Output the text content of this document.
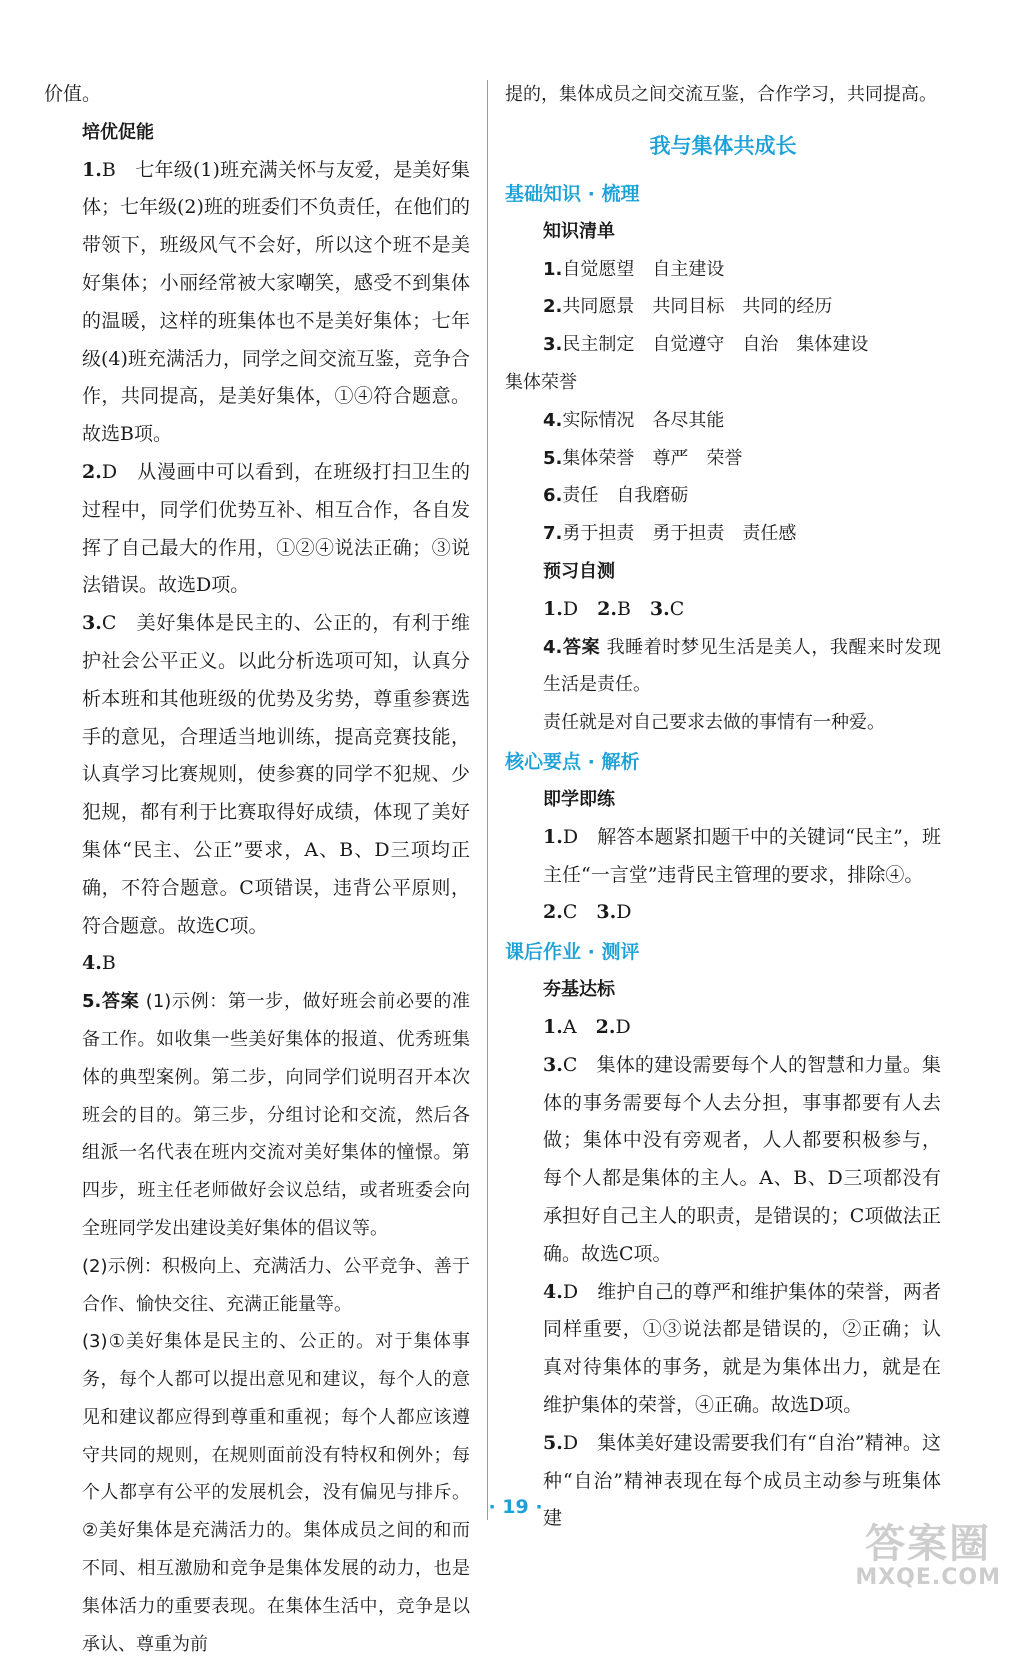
价值。

培优促能

1.B　七年级(1)班充满关怀与友爱，是美好集体；七年级(2)班的班委们不负责任，在他们的带领下，班级风气不会好，所以这个班不是美好集体；小丽经常被大家嘲笑，感受不到集体的温暖，这样的班集体也不是美好集体；七年级(4)班充满活力，同学之间交流互鉴，竞争合作，共同提高，是美好集体，①④符合题意。故选B项。

2.D　从漫画中可以看到，在班级打扫卫生的过程中，同学们优势互补、相互合作，各自发挥了自己最大的作用，①②④说法正确；③说法错误。故选D项。

3.C　美好集体是民主的、公正的，有利于维护社会公平正义。以此分析选项可知，认真分析本班和其他班级的优势及劣势，尊重参赛选手的意见，合理适当地训练，提高竞赛技能，认真学习比赛规则，使参赛的同学不犯规、少犯规，都有利于比赛取得好成绩，体现了美好集体“民主、公正”要求，A、B、D三项均正确，不符合题意。C项错误，违背公平原则，符合题意。故选C项。

4.B

5.答案 (1)示例：第一步，做好班会前必要的准备工作。如收集一些美好集体的报道、优秀班集体的典型案例。第二步，向同学们说明召开本次班会的目的。第三步，分组讨论和交流，然后各组派一名代表在班内交流对美好集体的憧憬。第四步，班主任老师做好会议总结，或者班委会向全班同学发出建设美好集体的倡议等。

(2)示例：积极向上、充满活力、公平竞争、善于合作、愉快交往、充满正能量等。

(3)①美好集体是民主的、公正的。对于集体事务，每个人都可以提出意见和建议，每个人的意见和建议都应得到尊重和重视；每个人都应该遵守共同的规则，在规则面前没有特权和例外；每个人都享有公平的发展机会，没有偏见与排斥。②美好集体是充满活力的。集体成员之间的和而不同、相互激励和竞争是集体发展的动力，也是集体活力的重要表现。在集体生活中，竞争是以承认、尊重为前

提的，集体成员之间交流互鉴，合作学习，共同提高。

我与集体共成长
基础知识 · 梳理

知识清单

1.自觉愿望 自主建设

2.共同愿景 共同目标 共同的经历

3.民主制定 自觉遵守 自治 集体建设

集体荣誉

4.实际情况 各尽其能

5.集体荣誉 尊严 荣誉

6.责任 自我磨砺

7.勇于担责 勇于担责 责任感

预习自测

1.D　 2.B　 3.C

4.答案 我睡着时梦见生活是美人，我醒来时发现生活是责任。

责任就是对自己要求去做的事情有一种爱。

核心要点 · 解析

即学即练

1.D　解答本题紧扣题干中的关键词“民主”，班主任“一言堂”违背民主管理的要求，排除④。

2.C　 3.D

课后作业 · 测评

夯基达标

1.A　 2.D

3.C　集体的建设需要每个人的智慧和力量。集体的事务需要每个人去分担，事事都要有人去做；集体中没有旁观者，人人都要积极参与，每个人都是集体的主人。A、B、D三项都没有承担好自己主人的职责，是错误的；C项做法正确。故选C项。

4.D　维护自己的尊严和维护集体的荣誉，两者同样重要，①③说法都是错误的，②正确；认真对待集体的事务，就是为集体出力，就是在维护集体的荣誉，④正确。故选D项。

5.D　集体美好建设需要我们有“自治”精神。这种“自治”精神表现在每个成员主动参与班集体建

· 19 ·
答案圈
MXQE.COM
